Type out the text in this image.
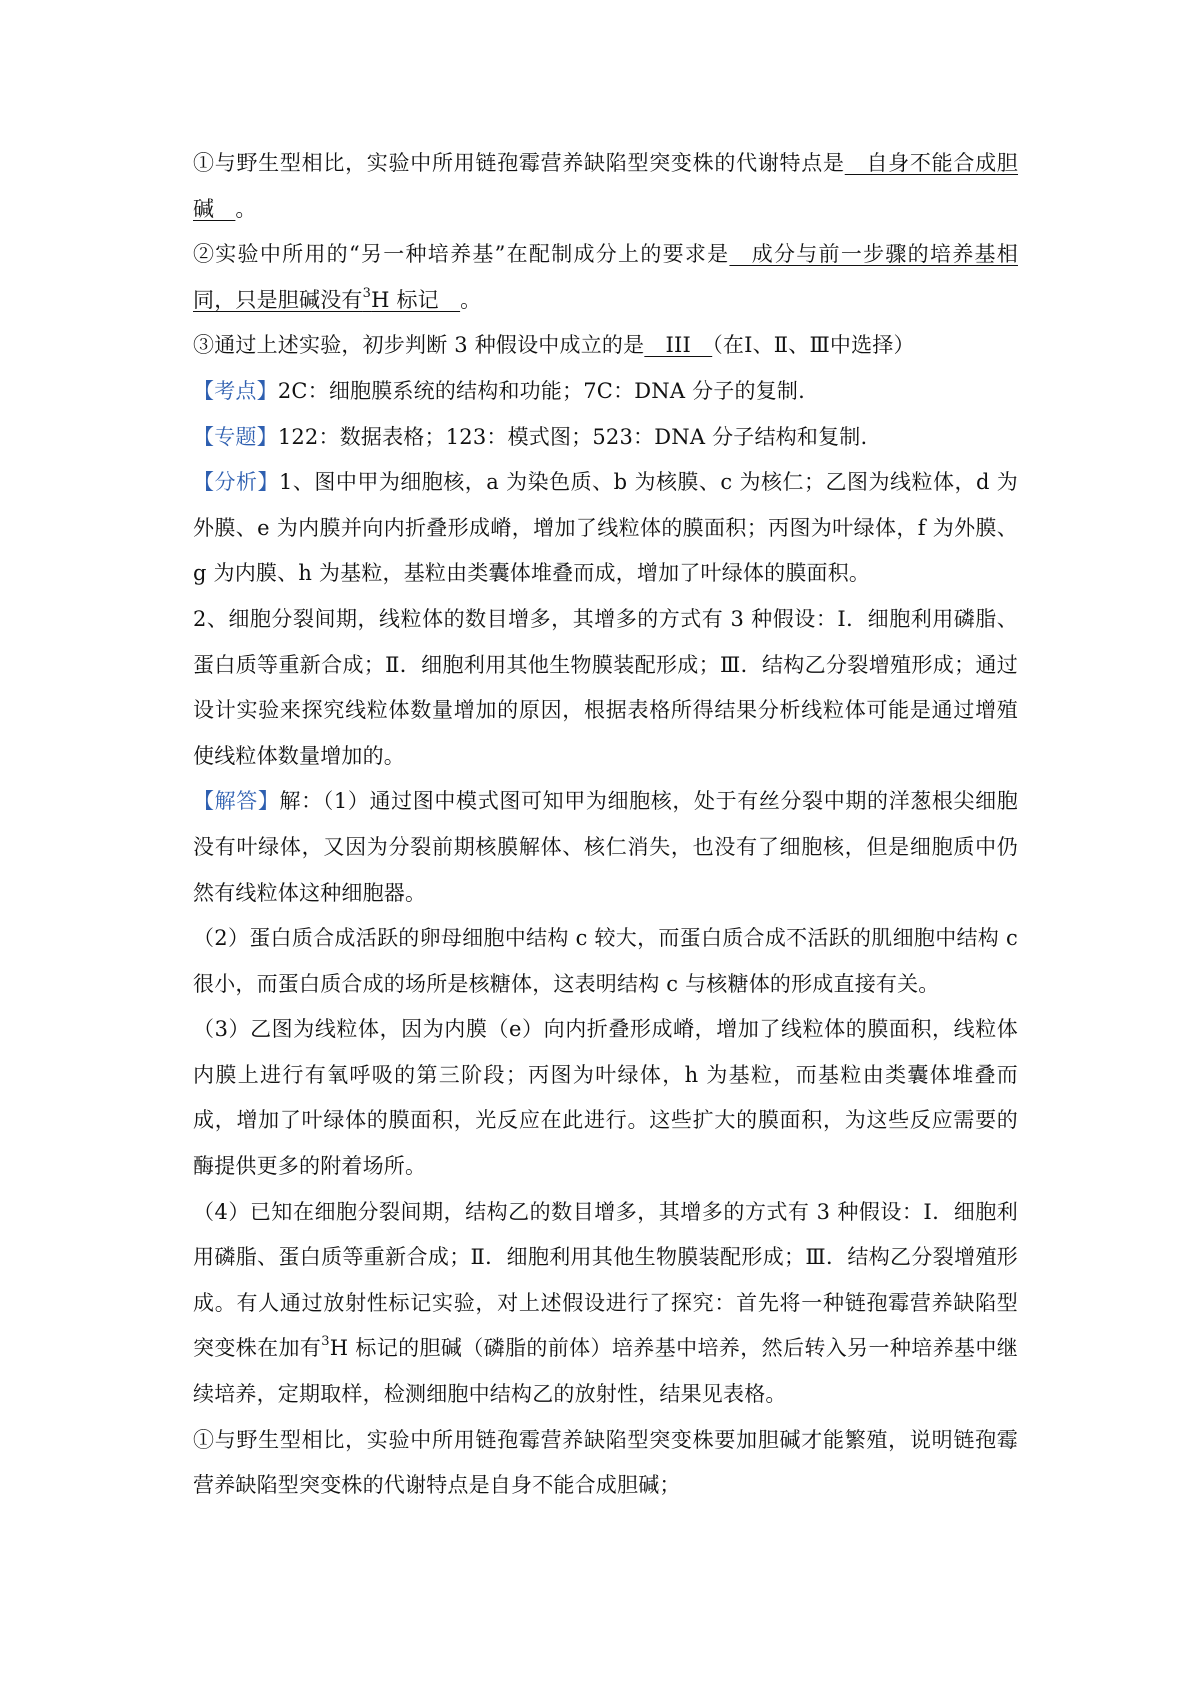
①与野生型相比，实验中所用链孢霉营养缺陷型突变株的代谢特点是　自身不能合成胆碱　。

②实验中所用的“另一种培养基”在配制成分上的要求是　成分与前一步骤的培养基相同，只是胆碱没有$^3$H 标记　。

③通过上述实验，初步判断 3 种假设中成立的是　III　（在Ⅰ、Ⅱ、Ⅲ中选择）

【考点】2C：细胞膜系统的结构和功能；7C：DNA 分子的复制.

【专题】122：数据表格；123：模式图；523：DNA 分子结构和复制.

【分析】1、图中甲为细胞核，a 为染色质、b 为核膜、c 为核仁；乙图为线粒体，d 为外膜、e 为内膜并向内折叠形成嵴，增加了线粒体的膜面积；丙图为叶绿体，f 为外膜、g 为内膜、h 为基粒，基粒由类囊体堆叠而成，增加了叶绿体的膜面积。

2、细胞分裂间期，线粒体的数目增多，其增多的方式有 3 种假设：Ⅰ．细胞利用磷脂、蛋白质等重新合成；Ⅱ．细胞利用其他生物膜装配形成；Ⅲ．结构乙分裂增殖形成；通过设计实验来探究线粒体数量增加的原因，根据表格所得结果分析线粒体可能是通过增殖使线粒体数量增加的。

【解答】解：（1）通过图中模式图可知甲为细胞核，处于有丝分裂中期的洋葱根尖细胞没有叶绿体，又因为分裂前期核膜解体、核仁消失，也没有了细胞核，但是细胞质中仍然有线粒体这种细胞器。

（2）蛋白质合成活跃的卵母细胞中结构 c 较大，而蛋白质合成不活跃的肌细胞中结构 c 很小，而蛋白质合成的场所是核糖体，这表明结构 c 与核糖体的形成直接有关。

（3）乙图为线粒体，因为内膜（e）向内折叠形成嵴，增加了线粒体的膜面积，线粒体内膜上进行有氧呼吸的第三阶段；丙图为叶绿体，h 为基粒，而基粒由类囊体堆叠而成，增加了叶绿体的膜面积，光反应在此进行。这些扩大的膜面积，为这些反应需要的酶提供更多的附着场所。

（4）已知在细胞分裂间期，结构乙的数目增多，其增多的方式有 3 种假设：Ⅰ．细胞利用磷脂、蛋白质等重新合成；Ⅱ．细胞利用其他生物膜装配形成；Ⅲ．结构乙分裂增殖形成。有人通过放射性标记实验，对上述假设进行了探究：首先将一种链孢霉营养缺陷型突变株在加有$^3$H 标记的胆碱（磷脂的前体）培养基中培养，然后转入另一种培养基中继续培养，定期取样，检测细胞中结构乙的放射性，结果见表格。

①与野生型相比，实验中所用链孢霉营养缺陷型突变株要加胆碱才能繁殖，说明链孢霉营养缺陷型突变株的代谢特点是自身不能合成胆碱；
